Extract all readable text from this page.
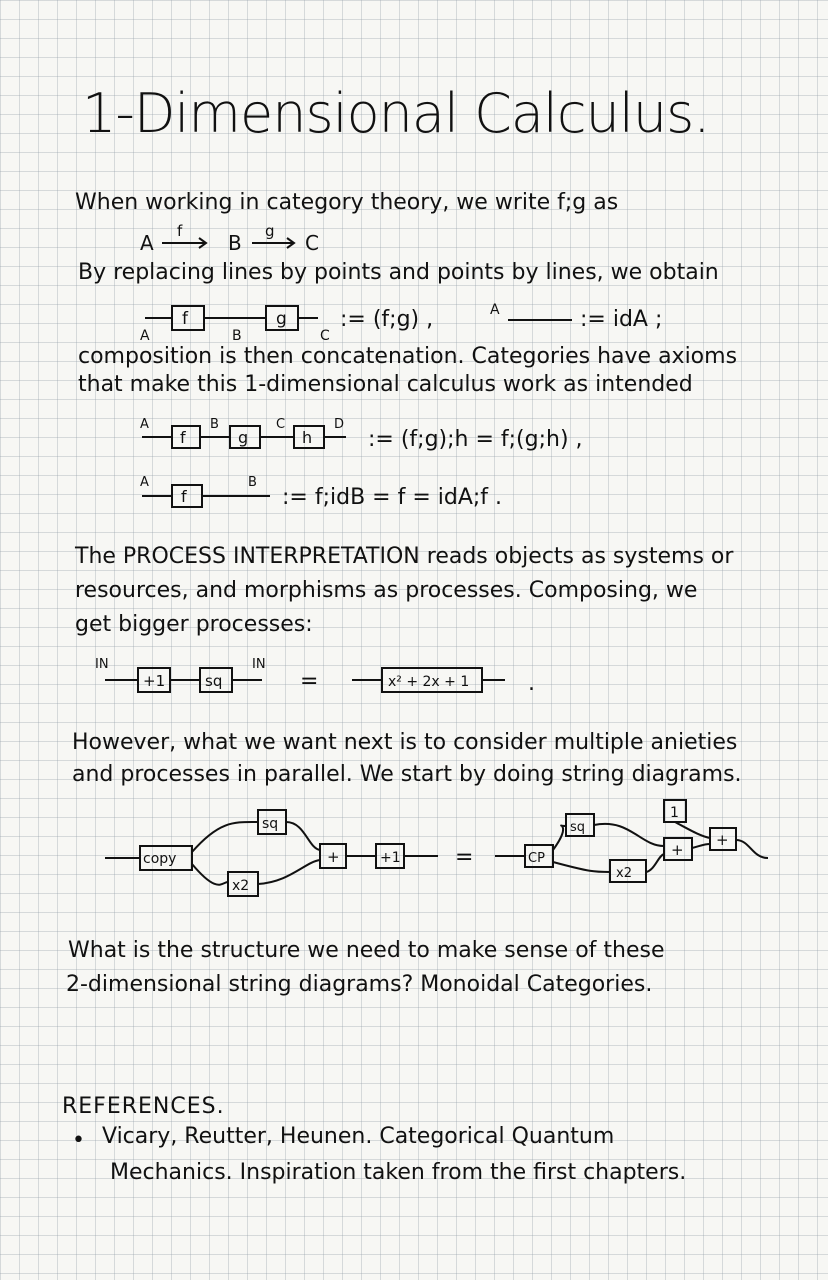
1-Dimensional Calculus.
When working in category theory, we write f;g as
A f B g C
f	g
A	B	C
:= (f;g) ,	A	:= idA ;
f	g	h
A	B	C	D
:= (f;g);h = f;(g;h) ,
f
A	B
:= f;idB = f = idA;f .
IN
+1	sq
IN
=	x² + 2x + 1	.
copy
sq
x2
+	+1 =	CP
sq
x2
+
1
+
By replacing lines by points and points by lines, we obtain
composition is then concatenation. Categories have axioms
that make this 1-dimensional calculus work as intended
The PROCESS INTERPRETATION reads objects as systems or
resources, and morphisms as processes. Composing, we
get bigger processes:
However, what we want next is to consider multiple anieties
and processes in parallel. We start by doing string diagrams.
What is the structure we need to make sense of these
2-dimensional string diagrams? Monoidal Categories.
REFERENCES.
• Vicary, Reutter, Heunen. Categorical Quantum
Mechanics. Inspiration taken from the first chapters.
